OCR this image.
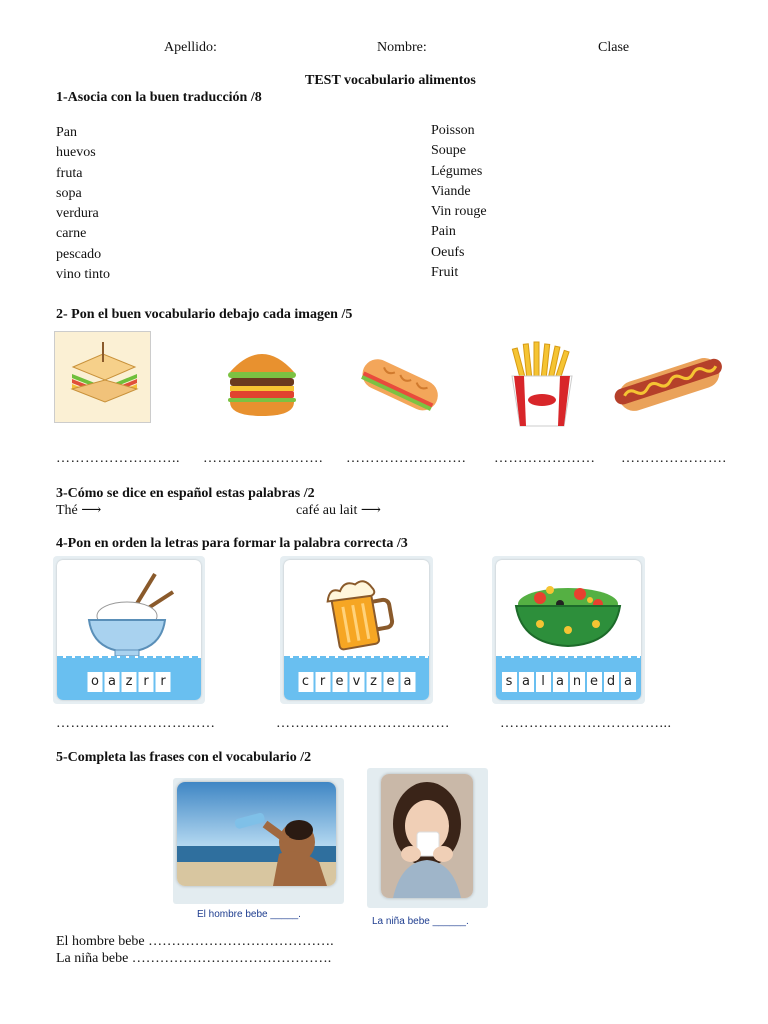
Apellido:	Nombre:	Clase
TEST vocabulario alimentos
1-Asocia con la buen traducción /8
Pan
huevos
fruta
sopa
verdura
carne
pescado
vino tinto
Poisson
Soupe
Légumes
Viande
Vin rouge
Pain
Oeufs
Fruit
2- Pon el buen vocabulario debajo cada imagen /5
…………………….. ……………………. ……………………. ………………… ………………….
3-Cómo se dice en español estas palabras /2
Thé ⟶	café au lait ⟶
4-Pon en orden la letras para formar la palabra correcta /3
o a z r r	c r e v z e a	s a l a n e d a
……………………………	………………………………	……………………………...
5-Completa las frases con el vocabulario /2
El hombre bebe _____.
La niña bebe ______.
El hombre bebe ………………………………….
La niña bebe …………………………………….
